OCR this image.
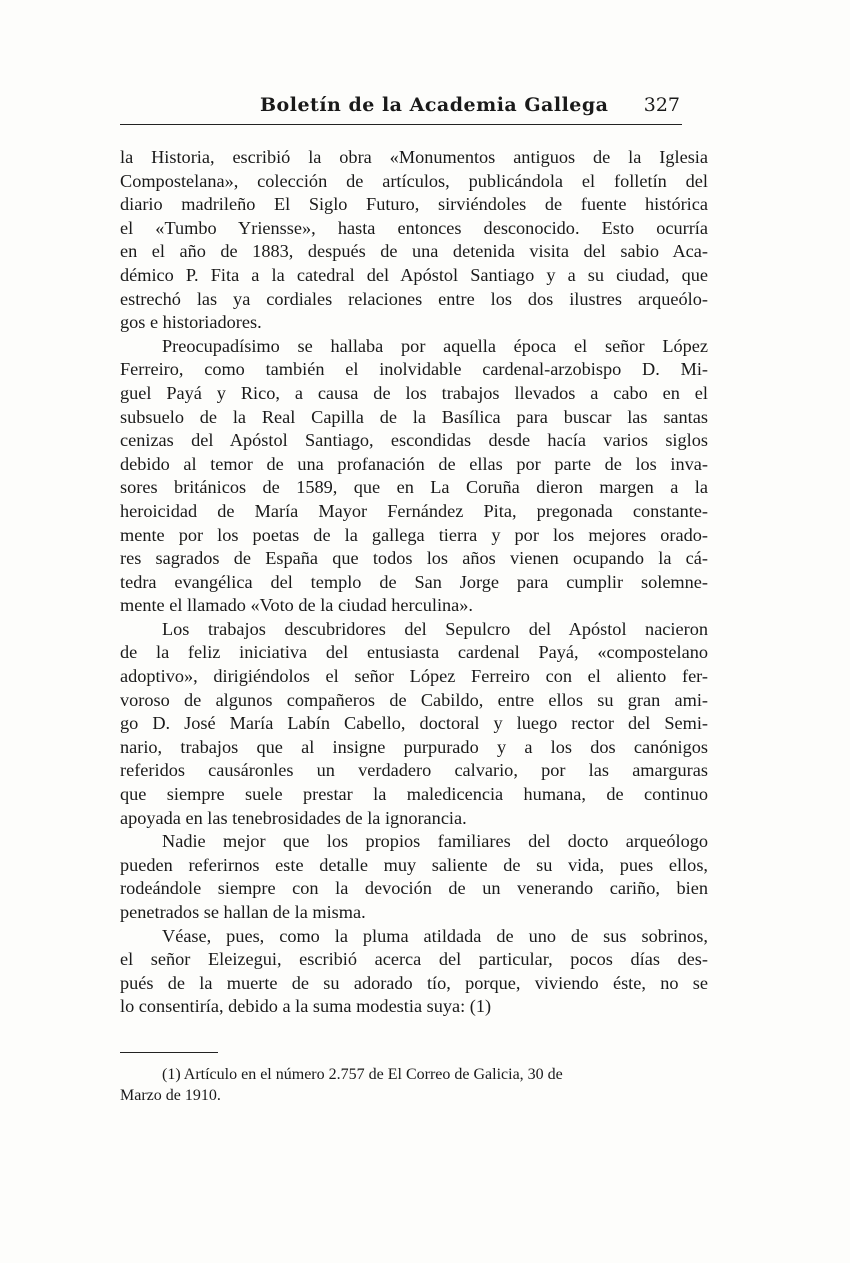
Boletín de la Academia Gallega 327
la Historia, escribió la obra «Monumentos antiguos de la Iglesia
Compostelana», colección de artículos, publicándola el folletín del
diario madrileño El Siglo Futuro, sirviéndoles de fuente histórica
el «Tumbo Yriensse», hasta entonces desconocido. Esto ocurría
en el año de 1883, después de una detenida visita del sabio Aca-
démico P. Fita a la catedral del Apóstol Santiago y a su ciudad, que
estrechó las ya cordiales relaciones entre los dos ilustres arqueólo-
gos e historiadores.
Preocupadísimo se hallaba por aquella época el señor López
Ferreiro, como también el inolvidable cardenal-arzobispo D. Mi-
guel Payá y Rico, a causa de los trabajos llevados a cabo en el
subsuelo de la Real Capilla de la Basílica para buscar las santas
cenizas del Apóstol Santiago, escondidas desde hacía varios siglos
debido al temor de una profanación de ellas por parte de los inva-
sores británicos de 1589, que en La Coruña dieron margen a la
heroicidad de María Mayor Fernández Pita, pregonada constante-
mente por los poetas de la gallega tierra y por los mejores orado-
res sagrados de España que todos los años vienen ocupando la cá-
tedra evangélica del templo de San Jorge para cumplir solemne-
mente el llamado «Voto de la ciudad herculina».
Los trabajos descubridores del Sepulcro del Apóstol nacieron
de la feliz iniciativa del entusiasta cardenal Payá, «compostelano
adoptivo», dirigiéndolos el señor López Ferreiro con el aliento fer-
voroso de algunos compañeros de Cabildo, entre ellos su gran ami-
go D. José María Labín Cabello, doctoral y luego rector del Semi-
nario, trabajos que al insigne purpurado y a los dos canónigos
referidos causáronles un verdadero calvario, por las amarguras
que siempre suele prestar la maledicencia humana, de continuo
apoyada en las tenebrosidades de la ignorancia.
Nadie mejor que los propios familiares del docto arqueólogo
pueden referirnos este detalle muy saliente de su vida, pues ellos,
rodeándole siempre con la devoción de un venerando cariño, bien
penetrados se hallan de la misma.
Véase, pues, como la pluma atildada de uno de sus sobrinos,
el señor Eleizegui, escribió acerca del particular, pocos días des-
pués de la muerte de su adorado tío, porque, viviendo éste, no se
lo consentiría, debido a la suma modestia suya: (1)
(1) Artículo en el número 2.757 de El Correo de Galicia, 30 de
Marzo de 1910.
